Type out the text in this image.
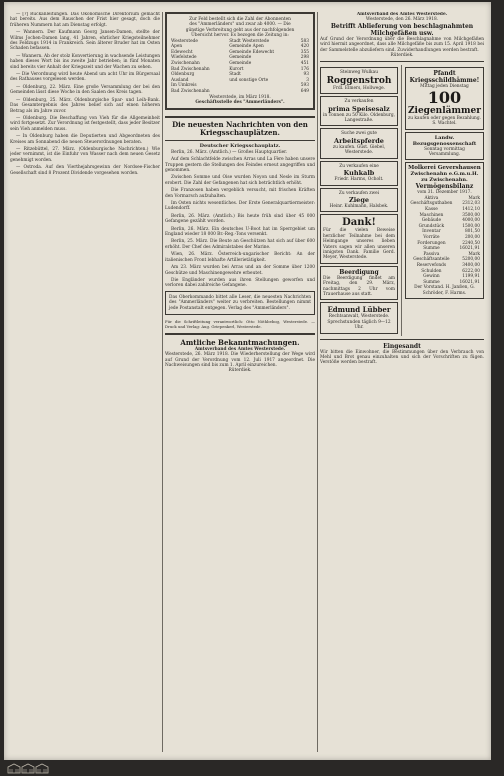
— [?] Rückanleitungen. Das Ökonomische Direktorium gemacht hat bereits. Aus dem Rauschen der Frist hier gesagt, doch die früheren Nummern hat am Dienstag erfolgt.

— Wannern. Der Kaufmann Georg Jansen-Damen, stellte der Wilms Jochen-Damen lang, 41 Jahren, ehrlicher Kriegsteilnehmer des Feldzugs 1914 in Frankreich. Sein älterer Bruder hat im Osten Schaden befassen.

— Wannern. Ab der stolz Konvertierung in wachsende Leistungen haben dieses Wort bis ins zweite Jahr betrieben; in fünf Monaten sind bereits vier Anhalt der Kriegszeit und der Wachen zu sehen.

— Die Verordnung wird heute Abend um acht Uhr im Bürgersaal des Rathauses vorgelesen werden.

— Oldenburg, 22. März. Eine große Versammlung der bei den Gemeinden lässt diese Woche in den Saalen des Kreis tagen.

— Oldenburg, 25. März. Oldenburgische Spar- und Leih-Bank. Das Gesamtergebnis des Jahres belief sich auf einen höheren Betrag als im Jahre zuvor.

— Oldenburg. Die Beschaffung von Vieh für die Allgemeinheit wird fortgesetzt. Zur Verordnung ist festgestellt, dass jeder Besitzer sein Vieh anmelden muss.

— In Oldenburg haben die Deputierten und Abgeordneten des Kreises am Sonnabend die neuen Steuerordnungen beraten.

— Ritzebüttel, 27. März. (Oldenburgische Nachrichten.) Wie jeder vernimmt, ist die Einfuhr von Wasser nach dem neuen Gesetz genehmigt worden.

— Ostroda. Auf den Vierthejahrsgewinn der Nordsee-Fischer Gesellschaft sind 8 Prozent Dividende vorgesehen worden.

Zur Feld bestellt sich die Zahl der Abonnenten
des "Ammerländers" und zwar ab 4000. — Die
günstige Verbreitung geht aus der nachfolgenden
Übersicht hervor. Es bezogen die Zeitung in:
Westerstede	Stadt Westerstede	583
Apen	Gemeinde Apen	420
Edewecht	Gemeinde Edewecht	355
Wiefelstede	Gemeinde	298
Zwischenahn	Gemeinde	451
Bad Zwischenahn	Kurort	176
Oldenburg	Stadt	93
Ausland	und sonstige Orte	3
Im Umkreis		593
Bad Zwischenahn		649
Westerstede, im März 1918.
Geschäftsstelle des "Ammerländers".
Die neuesten Nachrichten von den Kriegsschauplätzen.
Deutscher Kriegsschauplatz.

Berlin, 26. März. (Amtlich.) — Großes Hauptquartier.

Auf dem Schlachtfelde zwischen Arras und La Fère haben unsere Truppen gestern die Stellungen des Feindes erneut angegriffen und genommen.

Zwischen Somme und Oise wurden Noyon und Nesle im Sturm erobert. Die Zahl der Gefangenen hat sich beträchtlich erhöht.

Die Franzosen haben vergeblich versucht, mit frischen Kräften den Vormarsch aufzuhalten.

Im Osten nichts wesentliches. Der Erste Generalquartiermeister: Ludendorff.

Berlin, 26. März. (Amtlich.) Bis heute früh sind über 45 000 Gefangene gezählt worden.

Berlin, 26. März. Ein deutsches U-Boot hat im Sperrgebiet um England wieder 18 000 Br.-Reg.-Tons versenkt.

Berlin, 25. März. Die Beute an Geschützen hat sich auf über 600 erhöht. Der Chef des Admiralstabes der Marine.

Wien, 26. März. Österreich-ungarischer Bericht: An der italienischen Front lebhafte Artillerietätigkeit.

Am 23. März wurden bei Arras und an der Somme über 1200 Geschütze und Maschinengewehre erbeutet.

Die Engländer wurden aus ihren Stellungen geworfen und verloren dabei zahlreiche Gefangene.

Das Oberkommando bittet alle Leser, die neuesten Nachrichten des "Ammerländers" weiter zu verbreiten. Bestellungen nimmt jede Postanstalt entgegen. Verlag des "Ammerländers".
Für die Schriftleitung verantwortlich: Otto Nöthbebog, Westerstede. — Druck und Verlag: Aug. Griepenkerl, Westerstede.
Amtliche Bekanntmachungen.
Amtsverband des Amtes Westerstede.
Westerstede, 26. März 1918. Die Wiederherstellung der Wege wird auf Grund der Verordnung vom 12. Juli 1917 angeordnet. Die Nachweisungen sind bis zum 1. April einzureichen.
Rüterdiek.
Amtsverband des Amtes Westerstede.
Westerstede, den 26. März 1918.
Betrifft Ablieferung von beschlagnahmten Milchgefäßen usw.
Auf Grund der Verordnung über die Beschlagnahme von Milchgefäßen wird hiermit angeordnet, dass alle Milchgefäße bis zum 15. April 1918 bei der Sammelstelle abzuliefern sind. Zuwiderhandlungen werden bestraft.
Rüterdiek.
Steinweg Wulkau
Roggenstroh
Frdl. Elmers, Hollwege.
Zu verkaufen
prima Speisesalz
in Tonnen zu 50 Kilo. Oldenburg, Langestraße.
Suche zwei gute
Arbeitspferde
zu kaufen. Gust. Giebel, Westerstede.
Zu verkaufen eine
Kuhkalb
Friedr. Harms, Ocholt.
Zu verkaufen zwei
Ziege
Heinr. Kuhlmann, Halsbek.
Dank!
Für die vielen Beweise herzlicher Teilnahme bei dem Heimgange unseres lieben Vaters sagen wir allen unseren innigsten Dank. Familie Gerd. Meyer, Westerstede.
Beerdigung
Die Beerdigung findet am Freitag, den 29. März, nachmittags 2 Uhr vom Trauerhause aus statt.
Edmund Lübber
Rechtsanwalt, Westerstede. Sprechstunden täglich 9—12 Uhr.
Pfandt Kriegsschildhämme!
Mittag jeden Dienstag
100
Ziegenlämmer
zu kaufen oder gegen Bezahlung. S. Wachtel.
Landw. Bezugsgenossenschaft
Sonntag vormittag Versammlung.
Molkerei Gevershausen
Zwischenahn e.G.m.u.H. zu Zwischenahn.
Vermögensbilanz
vom 31. Dezember 1917.
Aktiva		Mark
Geschäftsguthaben		2312,03
Kasse		1412,10
Maschinen		3500,00
Gebäude		4000,00
Grundstück		1500,00
Inventar		801,50
Vorräte		200,00
Forderungen		2240,50
Summe		16021,91
Passiva		Mark
Geschäftsanteile		5200,00
Reservefonds		3400,00
Schulden		6222,00
Gewinn		1199,91
Summe		16021,91
Der Vorstand. H. Janßen, G. Schröder, F. Harms.
Eingesandt
Wir bitten die Einwohner, die Bestimmungen über den Verbrauch von Mehl und Brot genau einzuhalten und sich der Vorschriften zu fügen. Verstöße werden bestraft.
